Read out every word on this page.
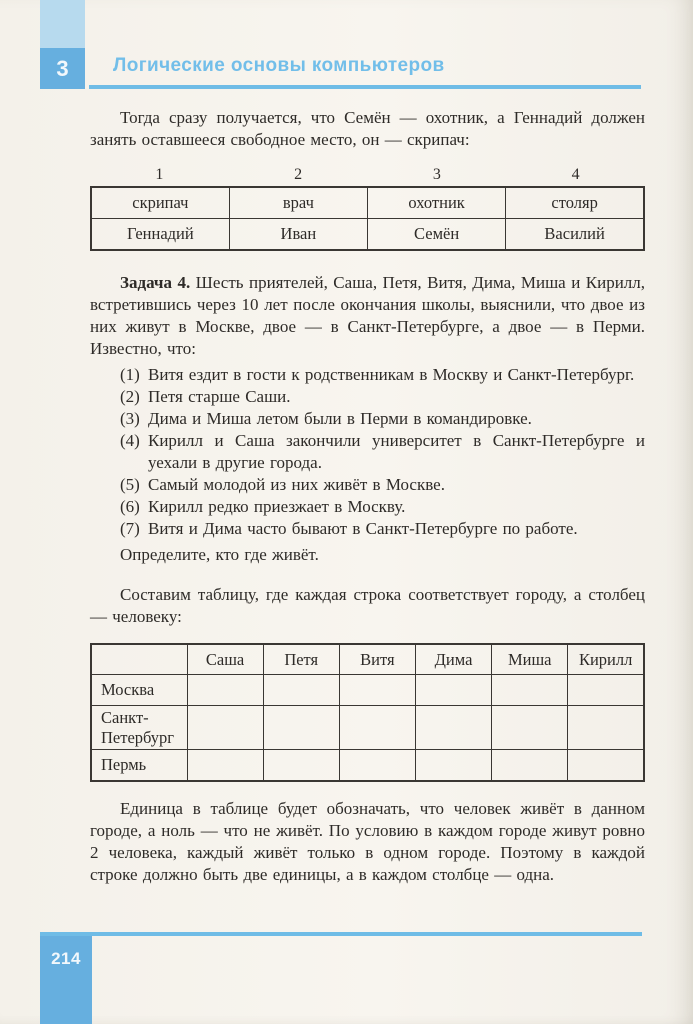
3 Логические основы компьютеров

Тогда сразу получается, что Семён — охотник, а Геннадий должен занять оставшееся свободное место, он — скрипач:

1	2	3	4
скрипач	врач	охотник	столяр
Геннадий	Иван	Семён	Василий

Задача 4. Шесть приятелей, Саша, Петя, Витя, Дима, Миша и Кирилл, встретившись через 10 лет после окончания школы, выяснили, что двое из них живут в Москве, двое — в Санкт-Петербурге, а двое — в Перми. Известно, что:

(1) Витя ездит в гости к родственникам в Москву и Санкт-Петербург.
(2) Петя старше Саши.
(3) Дима и Миша летом были в Перми в командировке.
(4) Кирилл и Саша закончили университет в Санкт-Петербурге и уехали в другие города.
(5) Самый молодой из них живёт в Москве.
(6) Кирилл редко приезжает в Москву.
(7) Витя и Дима часто бывают в Санкт-Петербурге по работе.

Определите, кто где живёт.

Составим таблицу, где каждая строка соответствует городу, а столбец — человеку:

	Саша	Петя	Витя	Дима	Миша	Кирилл
Москва						
Санкт-Петербург						
Пермь						

Единица в таблице будет обозначать, что человек живёт в данном городе, а ноль — что не живёт. По условию в каждом городе живут ровно 2 человека, каждый живёт только в одном городе. Поэтому в каждой строке должно быть две единицы, а в каждом столбце — одна.

214
